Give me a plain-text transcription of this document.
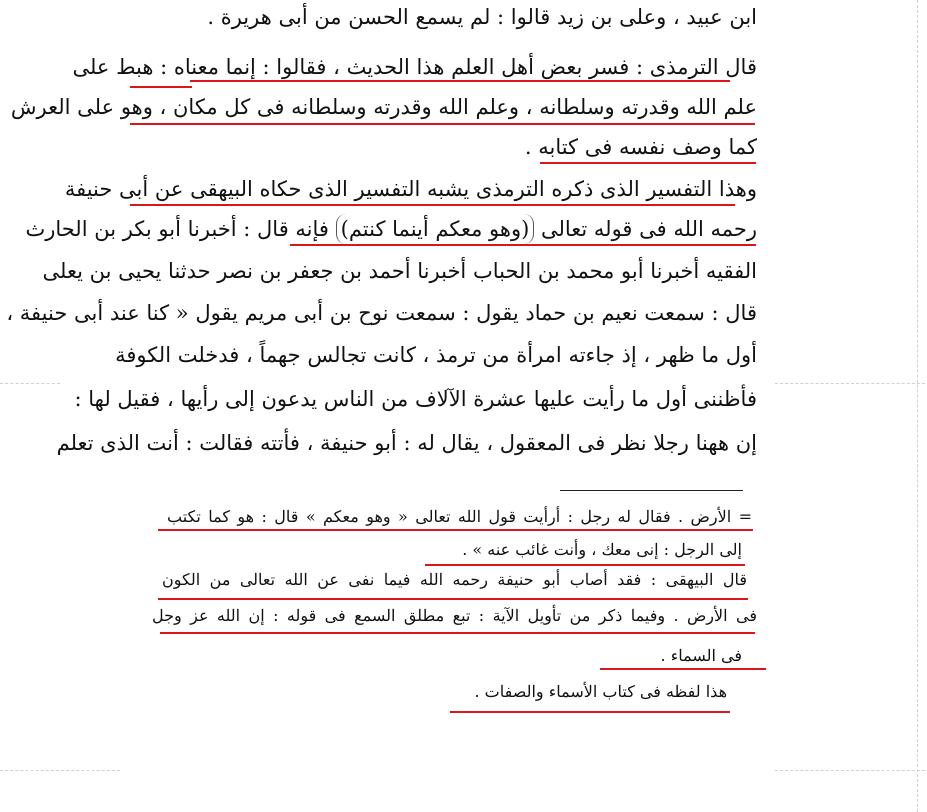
ابن عبيد ، وعلى بن زيد قالوا : لم يسمع الحسن من أبى هريرة .
قال الترمذى : فسر بعض أهل العلم هذا الحديث ، فقالوا : إنما معناه : هبط على
علم الله وقدرته وسلطانه ، وعلم الله وقدرته وسلطانه فى كل مكان ، وهو على العرش
كما وصف نفسه فى كتابه .
وهذا التفسير الذى ذكره الترمذى يشبه التفسير الذى حكاه البيهقى عن أبى حنيفة
رحمه الله فى قوله تعالى (وهو معكم أينما كنتم) فإنه قال : أخبرنا أبو بكر بن الحارث
الفقيه أخبرنا أبو محمد بن الحباب أخبرنا أحمد بن جعفر بن نصر حدثنا يحيى بن يعلى
قال : سمعت نعيم بن حماد يقول : سمعت نوح بن أبى مريم يقول « كنا عند أبى حنيفة ،
أول ما ظهر ، إذ جاءته امرأة من ترمذ ، كانت تجالس جهماً ، فدخلت الكوفة
فأظننى أول ما رأيت عليها عشرة الآلاف من الناس يدعون إلى رأيها ، فقيل لها :
إن ههنا رجلا نظر فى المعقول ، يقال له : أبو حنيفة ، فأتته فقالت : أنت الذى تعلم
= الأرض . فقال له رجل : أرأيت قول الله تعالى « وهو معكم » قال : هو كما تكتب
إلى الرجل : إنى معك ، وأنت غائب عنه » .
قال البيهقى : فقد أصاب أبو حنيفة رحمه الله فيما نفى عن الله تعالى من الكون
فى الأرض . وفيما ذكر من تأويل الآية : تبع مطلق السمع فى قوله : إن الله عز وجل
فى السماء .
هذا لفظه فى كتاب الأسماء والصفات .
